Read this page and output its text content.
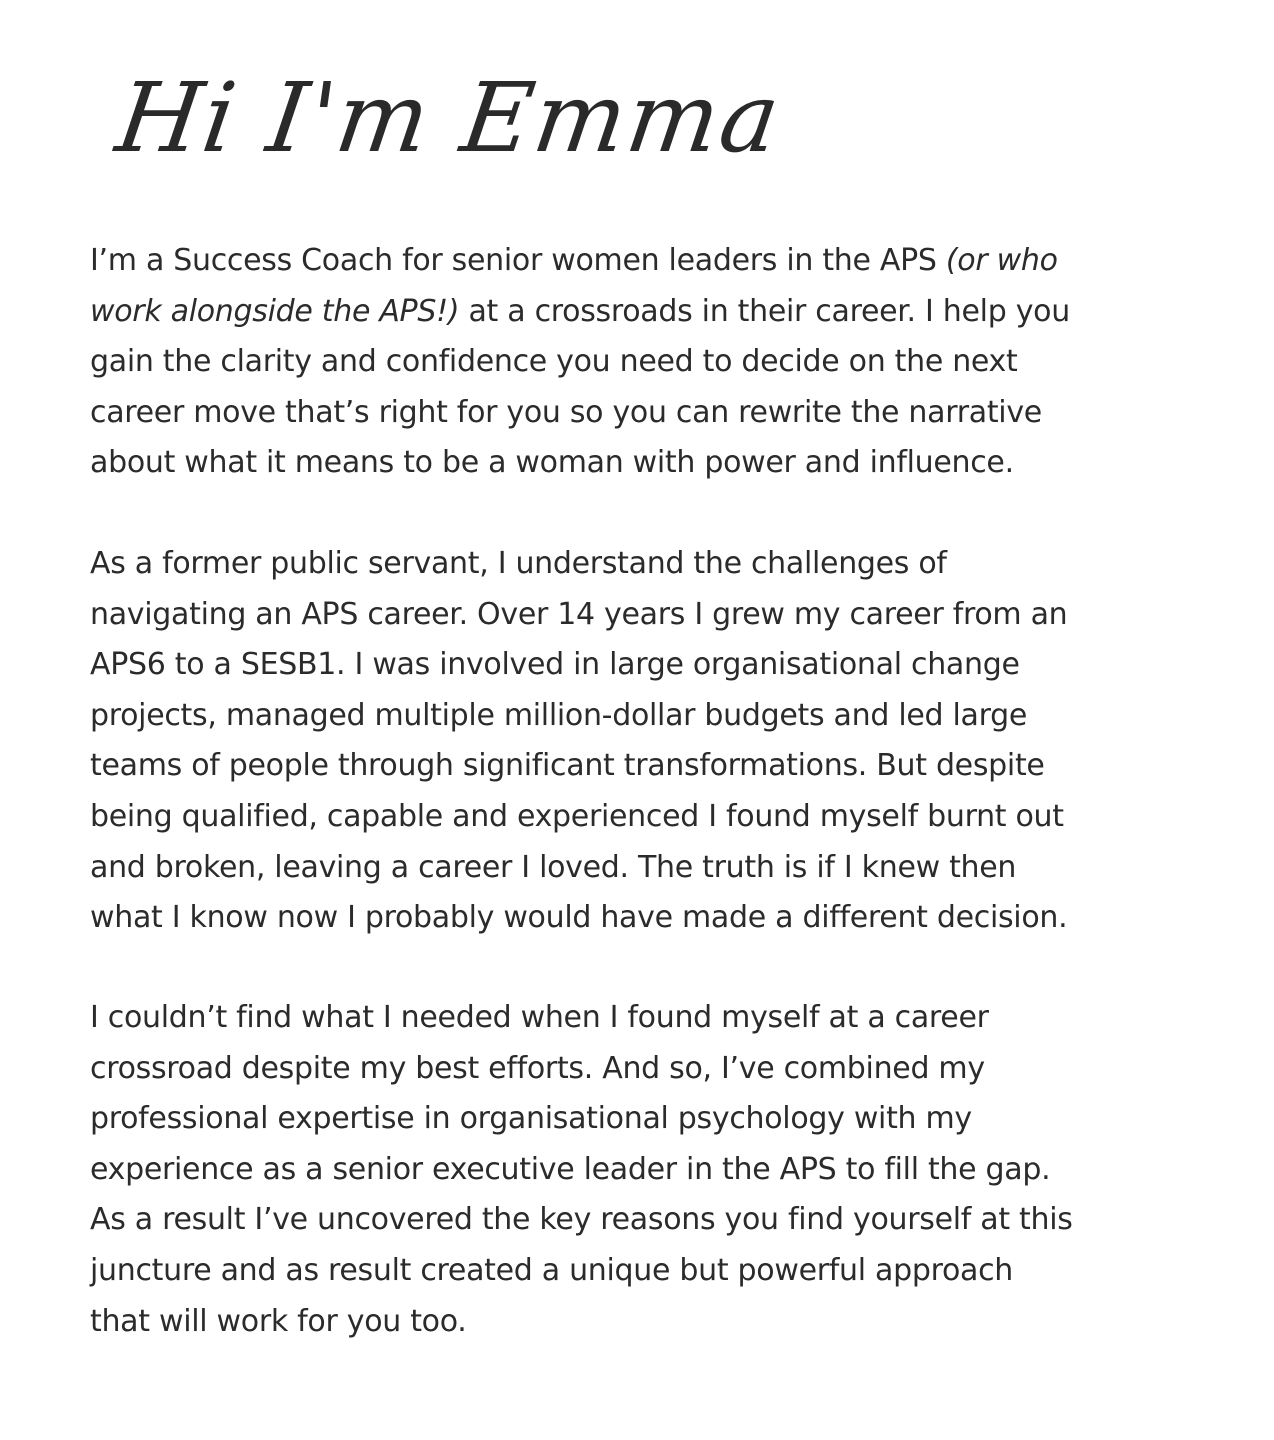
Hi I'm Emma
I’m a Success Coach for senior women leaders in the APS (or who
work alongside the APS!) at a crossroads in their career. I help you
gain the clarity and confidence you need to decide on the next
career move that’s right for you so you can rewrite the narrative
about what it means to be a woman with power and influence.
As a former public servant, I understand the challenges of
navigating an APS career. Over 14 years I grew my career from an
APS6 to a SESB1. I was involved in large organisational change
projects, managed multiple million-dollar budgets and led large
teams of people through significant transformations. But despite
being qualified, capable and experienced I found myself burnt out
and broken, leaving a career I loved. The truth is if I knew then
what I know now I probably would have made a different decision.
I couldn’t find what I needed when I found myself at a career
crossroad despite my best efforts. And so, I’ve combined my
professional expertise in organisational psychology with my
experience as a senior executive leader in the APS to fill the gap.
As a result I’ve uncovered the key reasons you find yourself at this
juncture and as result created a unique but powerful approach
that will work for you too.
